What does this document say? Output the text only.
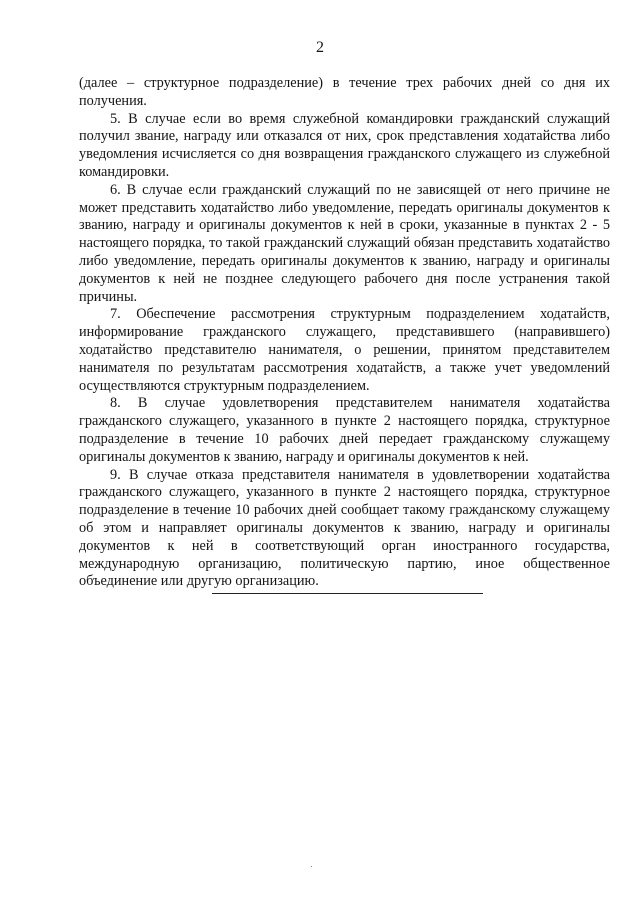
2

(далее – структурное подразделение) в течение трех рабочих дней со дня их получения.

5. В случае если во время служебной командировки гражданский служащий получил звание, награду или отказался от них, срок представления ходатайства либо уведомления исчисляется со дня возвращения гражданского служащего из служебной командировки.

6. В случае если гражданский служащий по не зависящей от него причине не может представить ходатайство либо уведомление, передать оригиналы документов к званию, награду и оригиналы документов к ней в сроки, указанные в пунктах 2 - 5 настоящего порядка, то такой гражданский служащий обязан представить ходатайство либо уведомление, передать оригиналы документов к званию, награду и оригиналы документов к ней не позднее следующего рабочего дня после устранения такой причины.

7. Обеспечение рассмотрения структурным подразделением ходатайств, информирование гражданского служащего, представившего (направившего) ходатайство представителю нанимателя, о решении, принятом представителем нанимателя по результатам рассмотрения ходатайств, а также учет уведомлений осуществляются структурным подразделением.

8. В случае удовлетворения представителем нанимателя ходатайства гражданского служащего, указанного в пункте 2 настоящего порядка, структурное подразделение в течение 10 рабочих дней передает гражданскому служащему оригиналы документов к званию, награду и оригиналы документов к ней.

9. В случае отказа представителя нанимателя в удовлетворении ходатайства гражданского служащего, указанного в пункте 2 настоящего порядка, структурное подразделение в течение 10 рабочих дней сообщает такому гражданскому служащему об этом и направляет оригиналы документов к званию, награду и оригиналы документов к ней в соответствующий орган иностранного государства, международную организацию, политическую партию, иное общественное объединение или другую организацию.
